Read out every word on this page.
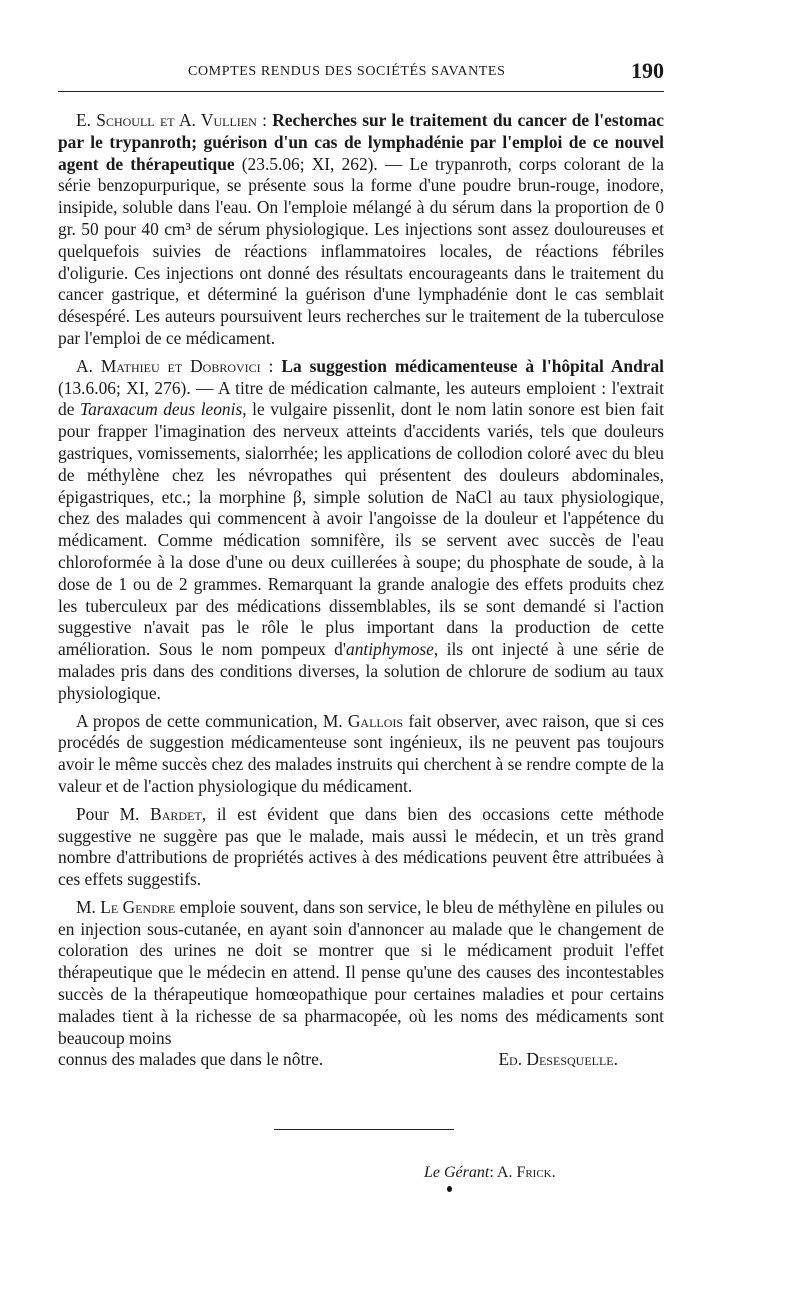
COMPTES RENDUS DES SOCIÉTÉS SAVANTES	190

E. Schoull et A. Vullien : Recherches sur le traitement du cancer de l'estomac par le trypanroth; guérison d'un cas de lymphadénie par l'emploi de ce nouvel agent de thérapeutique (23.5.06; XI, 262). — Le trypanroth, corps colorant de la série benzopurpurique, se présente sous la forme d'une poudre brun-rouge, inodore, insipide, soluble dans l'eau. On l'emploie mélangé à du sérum dans la proportion de 0 gr. 50 pour 40 cm³ de sérum physiologique. Les injections sont assez douloureuses et quelquefois suivies de réactions inflammatoires locales, de réactions fébriles d'oligurie. Ces injections ont donné des résultats encourageants dans le traitement du cancer gastrique, et déterminé la guérison d'une lymphadénie dont le cas semblait désespéré. Les auteurs poursuivent leurs recherches sur le traitement de la tuberculose par l'emploi de ce médicament.

A. Mathieu et Dobrovici : La suggestion médicamenteuse à l'hôpital Andral (13.6.06; XI, 276). — A titre de médication calmante, les auteurs emploient : l'extrait de Taraxacum deus leonis, le vulgaire pissenlit, dont le nom latin sonore est bien fait pour frapper l'imagination des nerveux atteints d'accidents variés, tels que douleurs gastriques, vomissements, sialorrhée; les applications de collodion coloré avec du bleu de méthylène chez les névropathes qui présentent des douleurs abdominales, épigastriques, etc.; la morphine β, simple solution de NaCl au taux physiologique, chez des malades qui commencent à avoir l'angoisse de la douleur et l'appétence du médicament. Comme médication somnifère, ils se servent avec succès de l'eau chloroformée à la dose d'une ou deux cuillerées à soupe; du phosphate de soude, à la dose de 1 ou de 2 grammes. Remarquant la grande analogie des effets produits chez les tuberculeux par des médications dissemblables, ils se sont demandé si l'action suggestive n'avait pas le rôle le plus important dans la production de cette amélioration. Sous le nom pompeux d'antiphymose, ils ont injecté à une série de malades pris dans des conditions diverses, la solution de chlorure de sodium au taux physiologique.

A propos de cette communication, M. Gallois fait observer, avec raison, que si ces procédés de suggestion médicamenteuse sont ingénieux, ils ne peuvent pas toujours avoir le même succès chez des malades instruits qui cherchent à se rendre compte de la valeur et de l'action physiologique du médicament.

Pour M. Bardet, il est évident que dans bien des occasions cette méthode suggestive ne suggère pas que le malade, mais aussi le médecin, et un très grand nombre d'attributions de propriétés actives à des médications peuvent être attribuées à ces effets suggestifs.

M. Le Gendre emploie souvent, dans son service, le bleu de méthylène en pilules ou en injection sous-cutanée, en ayant soin d'annoncer au malade que le changement de coloration des urines ne doit se montrer que si le médicament produit l'effet thérapeutique que le médecin en attend. Il pense qu'une des causes des incontestables succès de la thérapeutique homœopathique pour certaines maladies et pour certains malades tient à la richesse de sa pharmacopée, où les noms des médicaments sont beaucoup moins

connus des malades que dans le nôtre.	Ed. Desesquelle.
Le Gérant: A. Frick.
